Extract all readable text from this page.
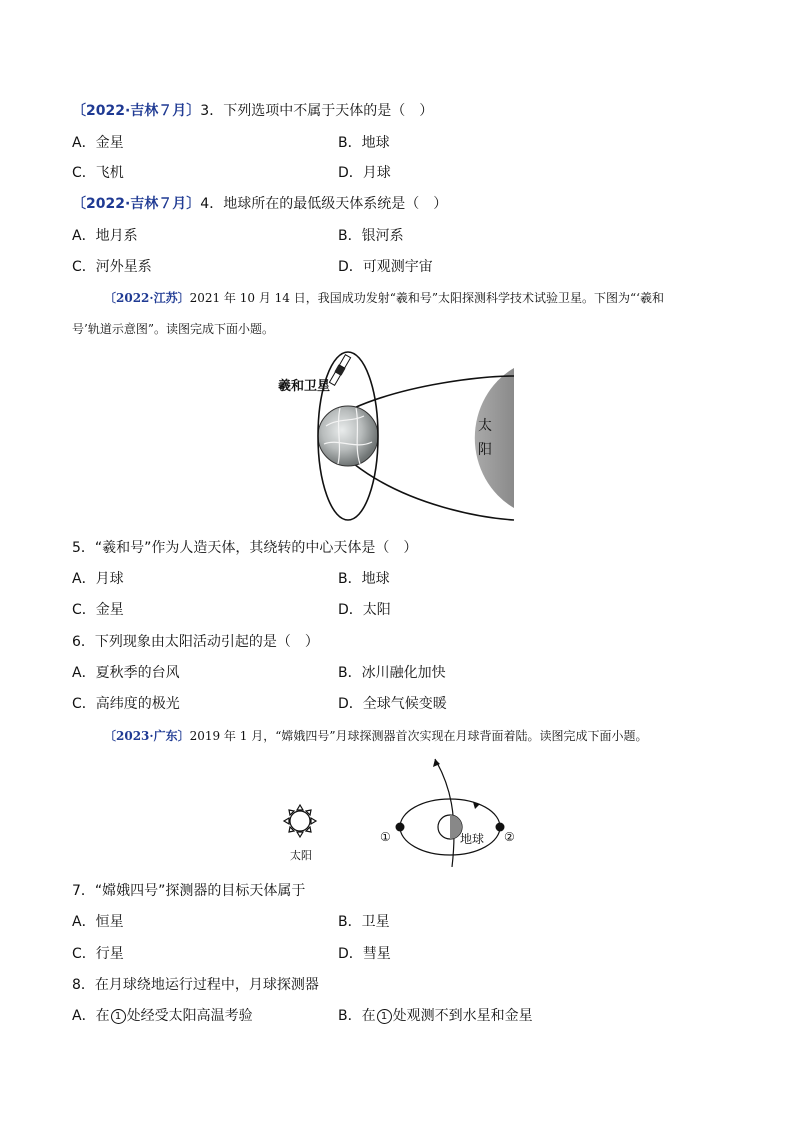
〔2022·吉林７月〕3．下列选项中不属于天体的是（　）
A．金星	B．地球
C．飞机	D．月球
〔2022·吉林７月〕4．地球所在的最低级天体系统是（　）
A．地月系	B．银河系
C．河外星系	D．可观测宇宙
〔2022·江苏〕2021 年 10 月 14 日，我国成功发射“羲和号”太阳探测科学技术试验卫星。下图为“‘羲和
号’轨道示意图”。读图完成下面小题。
羲和卫星
太
阳
5．“羲和号”作为人造天体，其绕转的中心天体是（　）
A．月球	B．地球
C．金星	D．太阳
6．下列现象由太阳活动引起的是（　）
A．夏秋季的台风	B．冰川融化加快
C．高纬度的极光	D．全球气候变暖
〔2023·广东〕2019 年 1 月，“嫦娥四号”月球探测器首次实现在月球背面着陆。读图完成下面小题。
太阳
地球
①	②
7．“嫦娥四号”探测器的目标天体属于
A．恒星	B．卫星
C．行星	D．彗星
8．在月球绕地运行过程中，月球探测器
A．在 1 处经受太阳高温考验	B．在 1 处观测不到水星和金星
